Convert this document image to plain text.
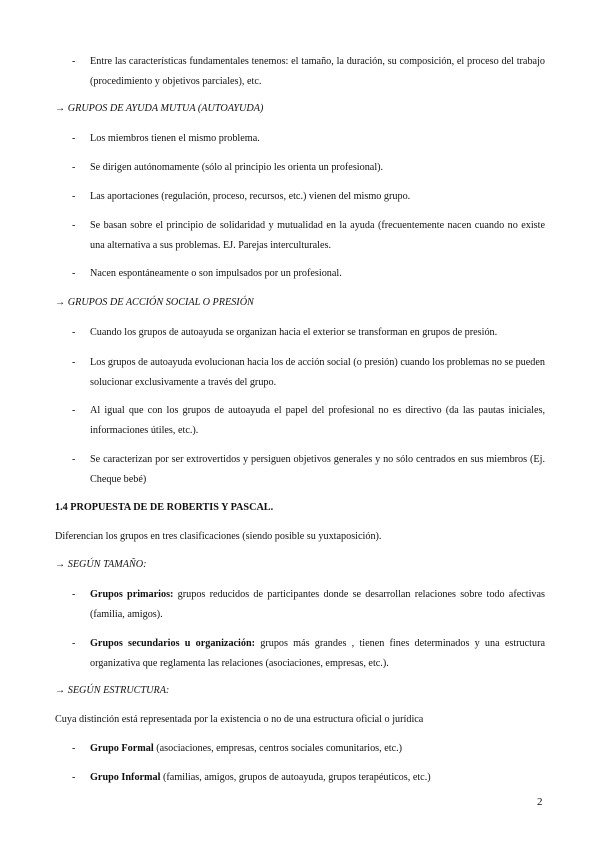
- Entre las características fundamentales tenemos: el tamaño, la duración, su composición, el proceso del trabajo (procedimiento y objetivos parciales), etc.
→ GRUPOS DE AYUDA MUTUA (AUTOAYUDA)
- Los miembros tienen el mismo problema.
- Se dirigen autónomamente (sólo al principio les orienta un profesional).
- Las aportaciones (regulación, proceso, recursos, etc.) vienen del mismo grupo.
- Se basan sobre el principio de solidaridad y mutualidad en la ayuda (frecuentemente nacen cuando no existe una alternativa a sus problemas. EJ. Parejas interculturales.
- Nacen espontáneamente o son impulsados por un profesional.
→ GRUPOS DE ACCIÓN SOCIAL O PRESIÓN
- Cuando los grupos de autoayuda se organizan hacia el exterior se transforman en grupos de presión.
- Los grupos de autoayuda evolucionan hacia los de acción social (o presión) cuando los problemas no se pueden solucionar exclusivamente a través del grupo.
- Al igual que con los grupos de autoayuda el papel del profesional no es directivo (da las pautas iniciales, informaciones útiles, etc.).
- Se caracterizan por ser extrovertidos y persiguen objetivos generales y no sólo centrados en sus miembros (Ej. Cheque bebé)
1.4 PROPUESTA DE DE ROBERTIS Y PASCAL.
Diferencian los grupos en tres clasificaciones (siendo posible su yuxtaposición).
→ SEGÚN TAMAÑO:
- Grupos primarios: grupos reducidos de participantes donde se desarrollan relaciones sobre todo afectivas (familia, amigos).
- Grupos secundarios u organización: grupos más grandes , tienen fines determinados y una estructura organizativa que reglamenta las relaciones (asociaciones, empresas, etc.).
→ SEGÚN ESTRUCTURA:
Cuya distinción está representada por la existencia o no de una estructura oficial o jurídica
- Grupo Formal (asociaciones, empresas, centros sociales comunitarios, etc.)
- Grupo Informal (familias, amigos, grupos de autoayuda, grupos terapéuticos, etc.)
2
